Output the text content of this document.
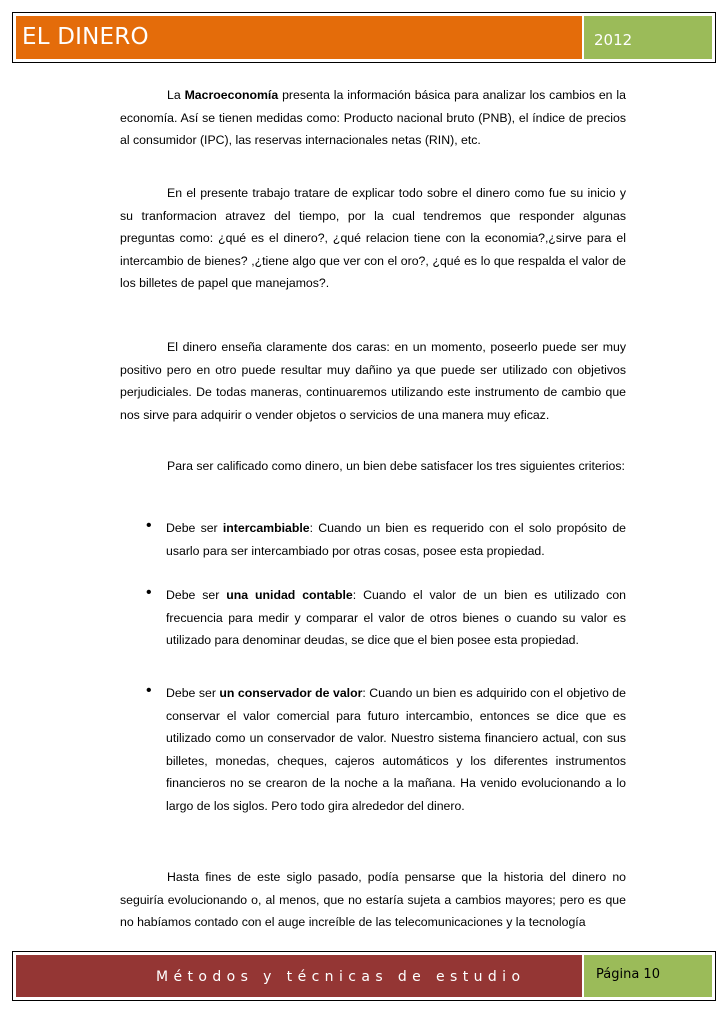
EL DINERO	2012
La Macroeconomía presenta la información básica para analizar los cambios en la economía. Así se tienen medidas como: Producto nacional bruto (PNB), el índice de precios al consumidor (IPC), las reservas internacionales netas (RIN), etc.
En el presente trabajo tratare de explicar todo sobre el dinero como fue su inicio y su tranformacion atravez del tiempo, por la cual tendremos que responder algunas preguntas como: ¿qué es el dinero?, ¿qué relacion tiene con la economia?,¿sirve para el intercambio de bienes? ,¿tiene algo que ver con el oro?, ¿qué es lo que respalda el valor de los billetes de papel que manejamos?.
El dinero enseña claramente dos caras: en un momento, poseerlo puede ser muy positivo pero en otro puede resultar muy dañino ya que puede ser utilizado con objetivos perjudiciales. De todas maneras, continuaremos utilizando este instrumento de cambio que nos sirve para adquirir o vender objetos o servicios de una manera muy eficaz.
Para ser calificado como dinero, un bien debe satisfacer los tres siguientes criterios:
• Debe ser intercambiable: Cuando un bien es requerido con el solo propósito de usarlo para ser intercambiado por otras cosas, posee esta propiedad.
• Debe ser una unidad contable: Cuando el valor de un bien es utilizado con frecuencia para medir y comparar el valor de otros bienes o cuando su valor es utilizado para denominar deudas, se dice que el bien posee esta propiedad.
• Debe ser un conservador de valor: Cuando un bien es adquirido con el objetivo de conservar el valor comercial para futuro intercambio, entonces se dice que es utilizado como un conservador de valor. Nuestro sistema financiero actual, con sus billetes, monedas, cheques, cajeros automáticos y los diferentes instrumentos financieros no se crearon de la noche a la mañana. Ha venido evolucionando a lo largo de los siglos. Pero todo gira alrededor del dinero.
Hasta fines de este siglo pasado, podía pensarse que la historia del dinero no seguiría evolucionando o, al menos, que no estaría sujeta a cambios mayores; pero es que no habíamos contado con el auge increíble de las telecomunicaciones y la tecnología
Métodos y técnicas de estudio	Página 10
